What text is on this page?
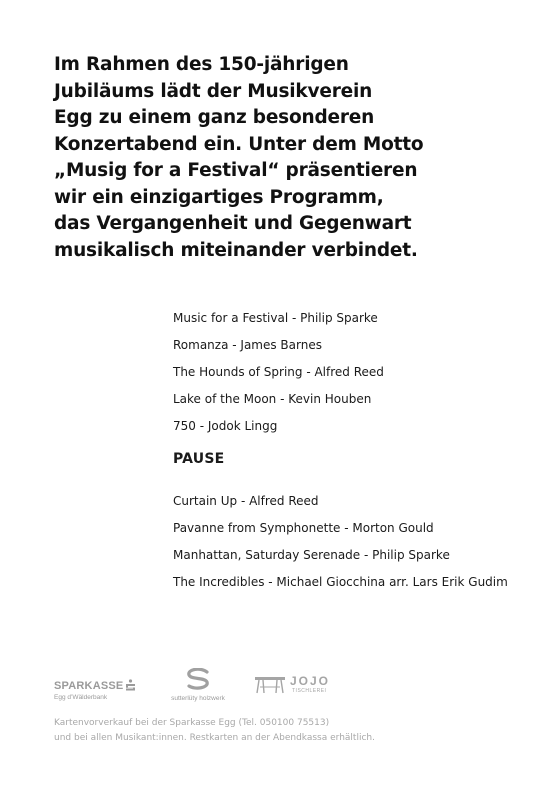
Im Rahmen des 150-jährigen
Jubiläums lädt der Musikverein
Egg zu einem ganz besonderen
Konzertabend ein. Unter dem Motto
„Musig for a Festival“ präsentieren
wir ein einzigartiges Programm,
das Vergangenheit und Gegenwart
musikalisch miteinander verbindet.
Music for a Festival - Philip Sparke
Romanza - James Barnes
The Hounds of Spring - Alfred Reed
Lake of the Moon - Kevin Houben
750 - Jodok Lingg
PAUSE
Curtain Up - Alfred Reed
Pavanne from Symphonette - Morton Gould
Manhattan, Saturday Serenade - Philip Sparke
The Incredibles - Michael Giocchina arr. Lars Erik Gudim
SPARKASSE
Egg d’Wälderbank	sutterlüty holzwerk
JOJO
TISCHLEREI
Kartenvorverkauf bei der Sparkasse Egg (Tel. 050100 75513)
und bei allen Musikant:innen. Restkarten an der Abendkassa erhältlich.
